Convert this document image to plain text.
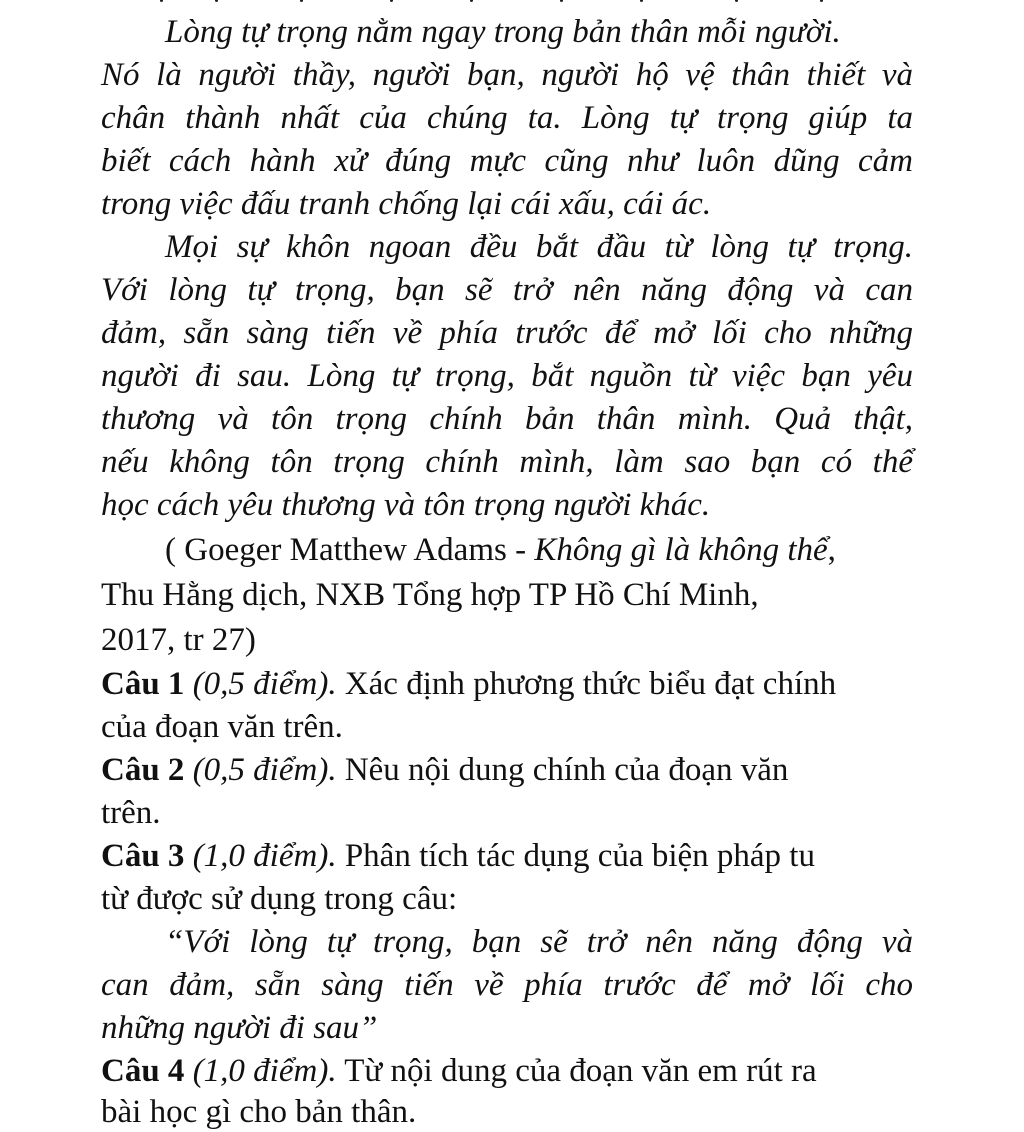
Lòng tự trọng nằm ngay trong bản thân mỗi người.
Nó là người thầy, người bạn, người hộ vệ thân thiết và
chân thành nhất của chúng ta. Lòng tự trọng giúp ta
biết cách hành xử đúng mực cũng như luôn dũng cảm
trong việc đấu tranh chống lại cái xấu, cái ác.
Mọi sự khôn ngoan đều bắt đầu từ lòng tự trọng.
Với lòng tự trọng, bạn sẽ trở nên năng động và can
đảm, sẵn sàng tiến về phía trước để mở lối cho những
người đi sau. Lòng tự trọng, bắt nguồn từ việc bạn yêu
thương và tôn trọng chính bản thân mình. Quả thật,
nếu không tôn trọng chính mình, làm sao bạn có thể
học cách yêu thương và tôn trọng người khác.
( Goeger Matthew Adams - Không gì là không thể,
Thu Hằng dịch, NXB Tổng hợp TP Hồ Chí Minh,
2017, tr 27)
Câu 1 (0,5 điểm). Xác định phương thức biểu đạt chính
của đoạn văn trên.
Câu 2 (0,5 điểm). Nêu nội dung chính của đoạn văn
trên.
Câu 3 (1,0 điểm). Phân tích tác dụng của biện pháp tu
từ được sử dụng trong câu:
“Với lòng tự trọng, bạn sẽ trở nên năng động và
can đảm, sẵn sàng tiến về phía trước để mở lối cho
những người đi sau”
Câu 4 (1,0 điểm). Từ nội dung của đoạn văn em rút ra
bài học gì cho bản thân.
